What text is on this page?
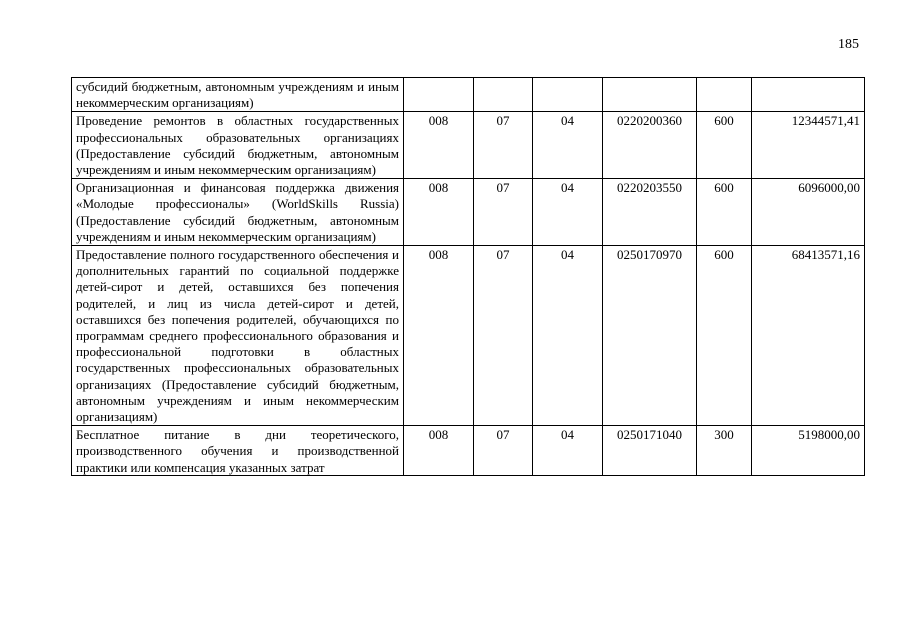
185
субсидий бюджетным, автономным учреждениям и иным некоммерческим организациям)						
Проведение ремонтов в областных государственных профессиональных образовательных организациях (Предоставление субсидий бюджетным, автономным учреждениям и иным некоммерческим организациям)	008	07	04	0220200360	600	12344571,41
Организационная и финансовая поддержка движения «Молодые профессионалы» (WorldSkills Russia) (Предоставление субсидий бюджетным, автономным учреждениям и иным некоммерческим организациям)	008	07	04	0220203550	600	6096000,00
Предоставление полного государственного обеспечения и дополнительных гарантий по социальной поддержке детей-сирот и детей, оставшихся без попечения родителей, и лиц из числа детей-сирот и детей, оставшихся без попечения родителей, обучающихся по программам среднего профессионального образования и профессиональной подготовки в областных государственных профессиональных образовательных организациях (Предоставление субсидий бюджетным, автономным учреждениям и иным некоммерческим организациям)	008	07	04	0250170970	600	68413571,16

Бесплатное питание в дни теоретического, производственного обучения и производственной практики или компенсация указанных затрат	008	07	04	0250171040	300	5198000,00
